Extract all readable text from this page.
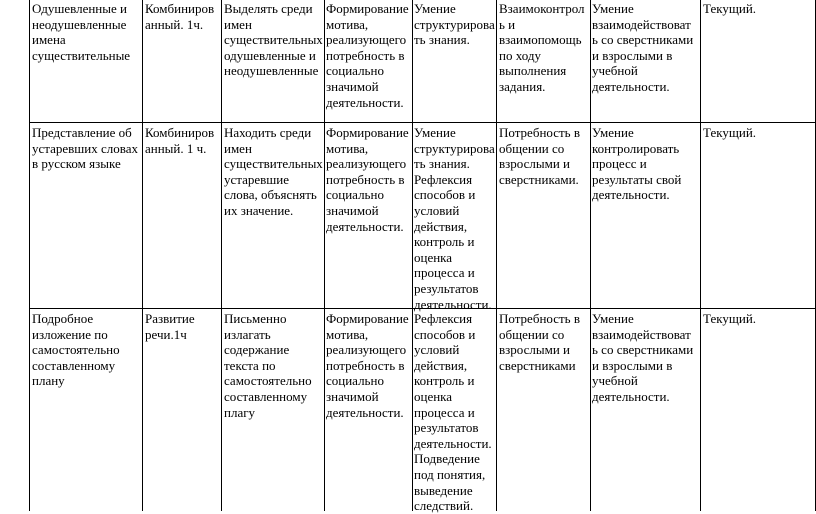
Одушевленные и
неодушевленные
имена
существительные
Комбиниров
анный. 1ч.
Выделять среди
имен
существительных
одушевленные и
неодушевленные
Формирование
мотива,
реализующего
потребность в
социально
значимой
деятельности.
Умение
структурирова
ть знания.
Взаимоконтрол
ь и
взаимопомощь
по ходу
выполнения
задания.
Умение
взаимодействоват
ь со сверстниками
и взрослыми в
учебной
деятельности.
Текущий.
Представление об
устаревших словах
в русском языке
Комбиниров
анный. 1 ч.
Находить среди
имен
существительных
устаревшие
слова, объяснять
их значение.
Формирование
мотива,
реализующего
потребность в
социально
значимой
деятельности.
Умение
структурирова
ть знания.
Рефлексия
способов и
условий
действия,
контроль и
оценка
процесса и
результатов
деятельности.
Потребность в
общении со
взрослыми и
сверстниками.
Умение
контролировать
процесс и
результаты свой
деятельности.
Текущий.
Подробное
изложение по
самостоятельно
составленному
плану
Развитие
речи.1ч
Письменно
излагать
содержание
текста по
самостоятельно
составленному
плагу
Формирование
мотива,
реализующего
потребность в
социально
значимой
деятельности.
Рефлексия
способов и
условий
действия,
контроль и
оценка
процесса и
результатов
деятельности.
Подведение
под понятия,
выведение
следствий.
Потребность в
общении со
взрослыми и
сверстниками
Умение
взаимодействоват
ь со сверстниками
и взрослыми в
учебной
деятельности.
Текущий.
